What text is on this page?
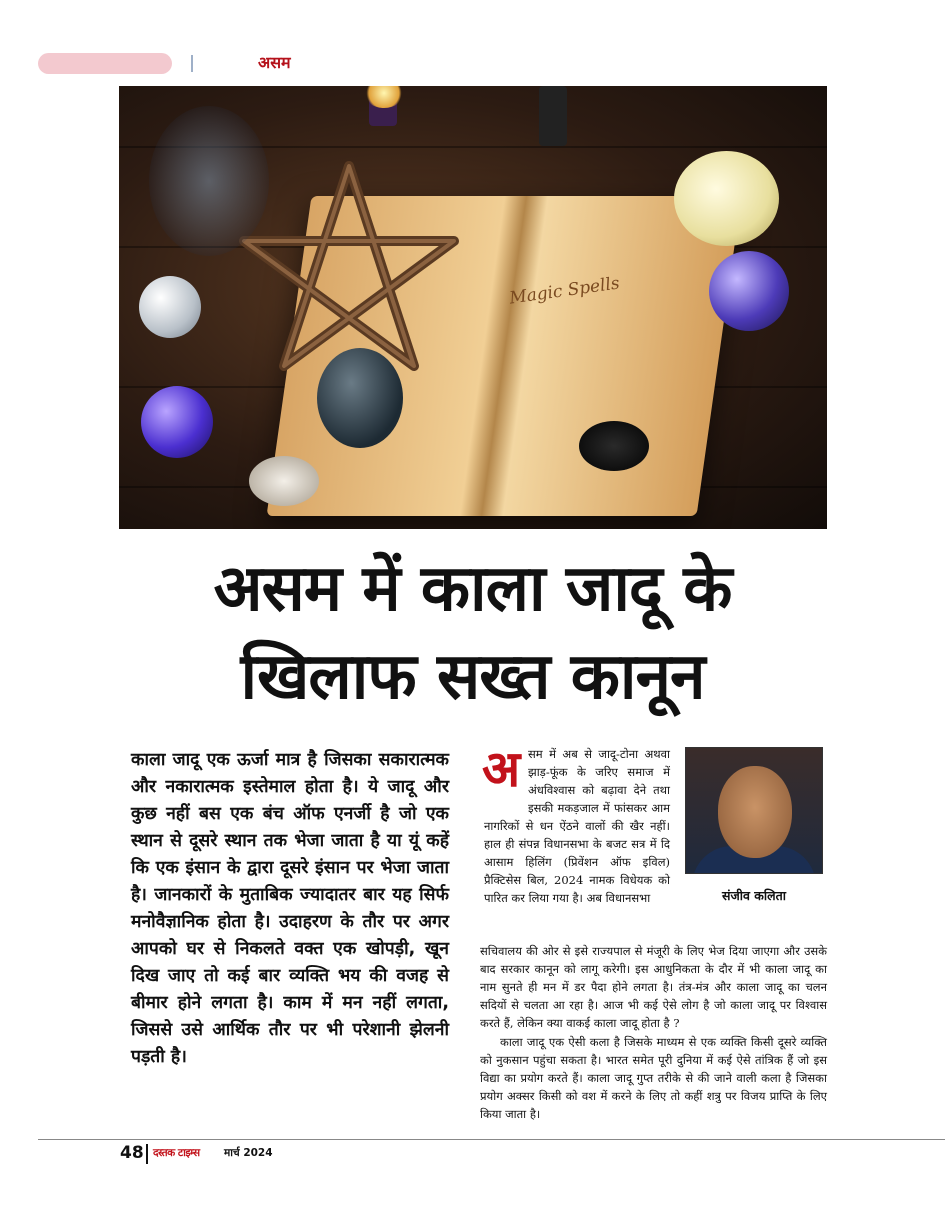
असम
Magic Spells
असम में काला जादू के
खिलाफ सख्त कानून
काला जादू एक ऊर्जा मात्र है जिसका सकारात्मक और नकारात्मक इस्तेमाल होता है। ये जादू और कुछ नहीं बस एक बंच ऑफ एनर्जी है जो एक स्थान से दूसरे स्थान तक भेजा जाता है या यूं कहें कि एक इंसान के द्वारा दूसरे इंसान पर भेजा जाता है। जानकारों के मुताबिक ज्यादातर बार यह सिर्फ मनोवैज्ञानिक होता है। उदाहरण के तौर पर अगर आपको घर से निकलते वक्त एक खोपड़ी, खून दिख जाए तो कई बार व्यक्ति भय की वजह से बीमार होने लगता है। काम में मन नहीं लगता, जिससे उसे आर्थिक तौर पर भी परेशानी झेलनी पड़ती है।
अ सम में अब से जादू-टोना अथवा झाड़-फूंक के जरिए समाज में अंधविश्वास को बढ़ावा देने तथा इसकी मकड़जाल में फांसकर आम नागरिकों से धन ऐंठने वालों की खैर नहीं। हाल ही संपन्न विधानसभा के बजट सत्र में दि आसाम हिलिंग (प्रिवेंशन ऑफ इविल) प्रैक्टिसेस बिल, 2024 नामक विधेयक को पारित कर लिया गया है। अब विधानसभा
सचिवालय की ओर से इसे राज्यपाल से मंजूरी के लिए भेज दिया जाएगा और उसके बाद सरकार कानून को लागू करेगी। इस आधुनिकता के दौर में भी काला जादू का नाम सुनते ही मन में डर पैदा होने लगता है। तंत्र-मंत्र और काला जादू का चलन सदियों से चलता आ रहा है। आज भी कई ऐसे लोग है जो काला जादू पर विश्वास करते हैं, लेकिन क्या वाकई काला जादू होता है ?
काला जादू एक ऐसी कला है जिसके माध्यम से एक व्यक्ति किसी दूसरे व्यक्ति को नुकसान पहुंचा सकता है। भारत समेत पूरी दुनिया में कई ऐसे तांत्रिक हैं जो इस विद्या का प्रयोग करते हैं। काला जादू गुप्त तरीके से की जाने वाली कला है जिसका प्रयोग अक्सर किसी को वश में करने के लिए तो कहीं शत्रु पर विजय प्राप्ति के लिए किया जाता है।
संजीव कलिता
48 दस्तक टाइम्स मार्च 2024
